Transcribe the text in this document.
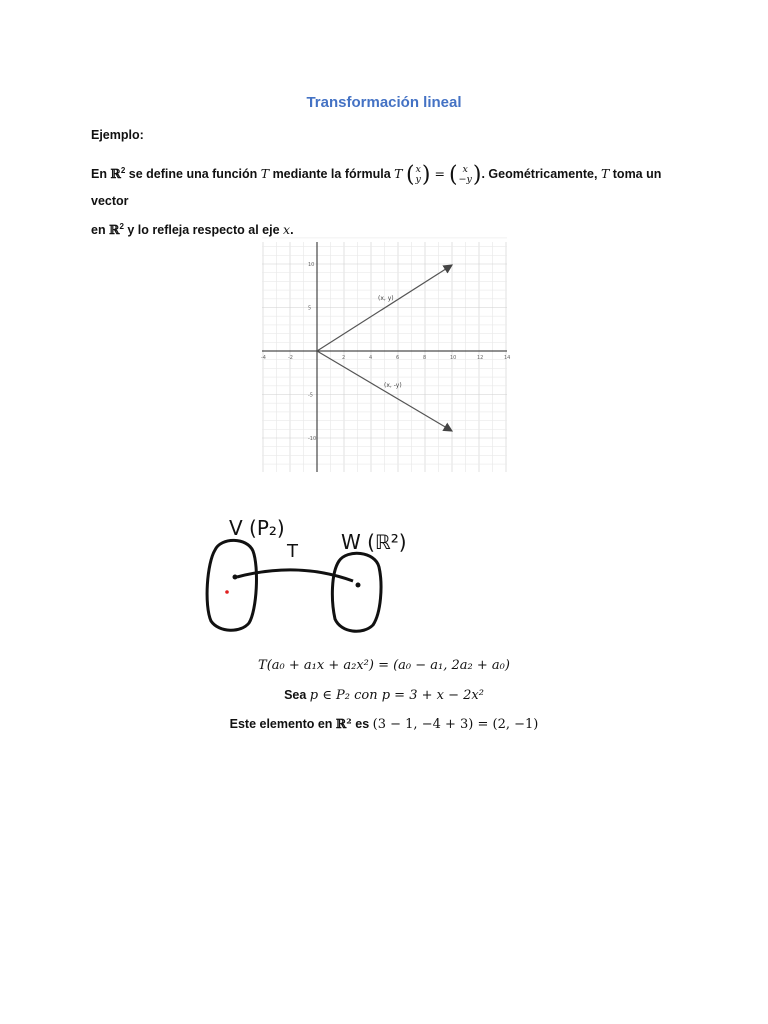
Transformación lineal
Ejemplo:
En ℝ$^2$ se define una función T mediante la fórmula T ( x
y ) = ( x
−y ). Geométricamente, T toma un vector
en ℝ$^2$ y lo refleja respecto al eje x.
-4	-2	2	4	6	8	10	12	14
10
5
-5
-10
(x, y)
(x, -y)
V (P₂)
T W (ℝ²)
T(a₀ + a₁x + a₂x²) = (a₀ − a₁, 2a₂ + a₀)
Sea p ∈ P₂ con p = 3 + x − 2x²
Este elemento en ℝ² es (3 − 1, −4 + 3) = (2, −1)
